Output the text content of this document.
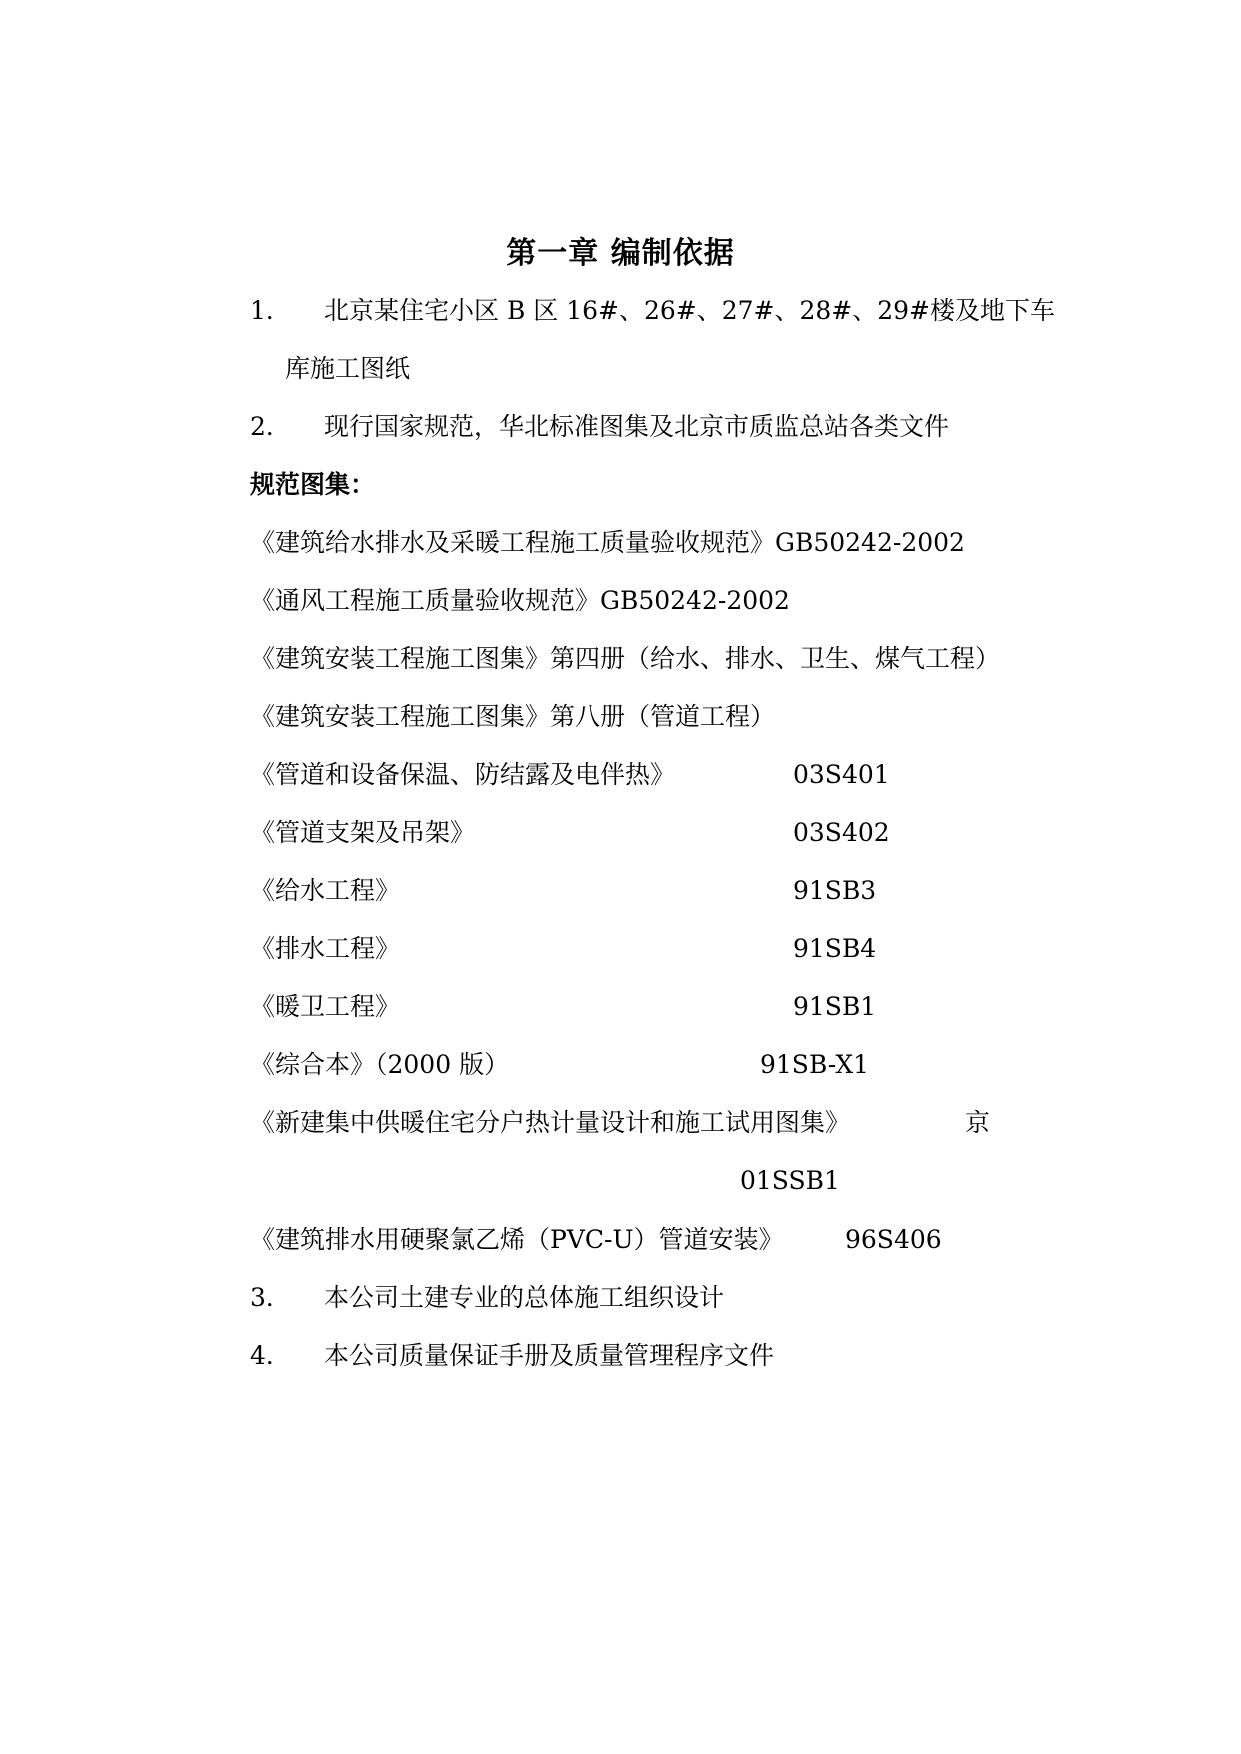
第一章 编制依据
1． 北京某住宅小区 B 区 16#、26#、27#、28#、29#楼及地下车
库施工图纸
2． 现行国家规范，华北标准图集及北京市质监总站各类文件
规范图集：
《建筑给水排水及采暖工程施工质量验收规范》GB50242-2002
《通风工程施工质量验收规范》GB50242-2002
《建筑安装工程施工图集》第四册（给水、排水、卫生、煤气工程）
《建筑安装工程施工图集》第八册（管道工程）
《管道和设备保温、防结露及电伴热》	03S401
《管道支架及吊架》	03S402
《给水工程》	91SB3
《排水工程》	91SB4
《暖卫工程》	91SB1
《综合本》（2000 版）	91SB-X1
《新建集中供暖住宅分户热计量设计和施工试用图集》	京
01SSB1
《建筑排水用硬聚氯乙烯（PVC-U）管道安装》 96S406
3． 本公司土建专业的总体施工组织设计
4． 本公司质量保证手册及质量管理程序文件
